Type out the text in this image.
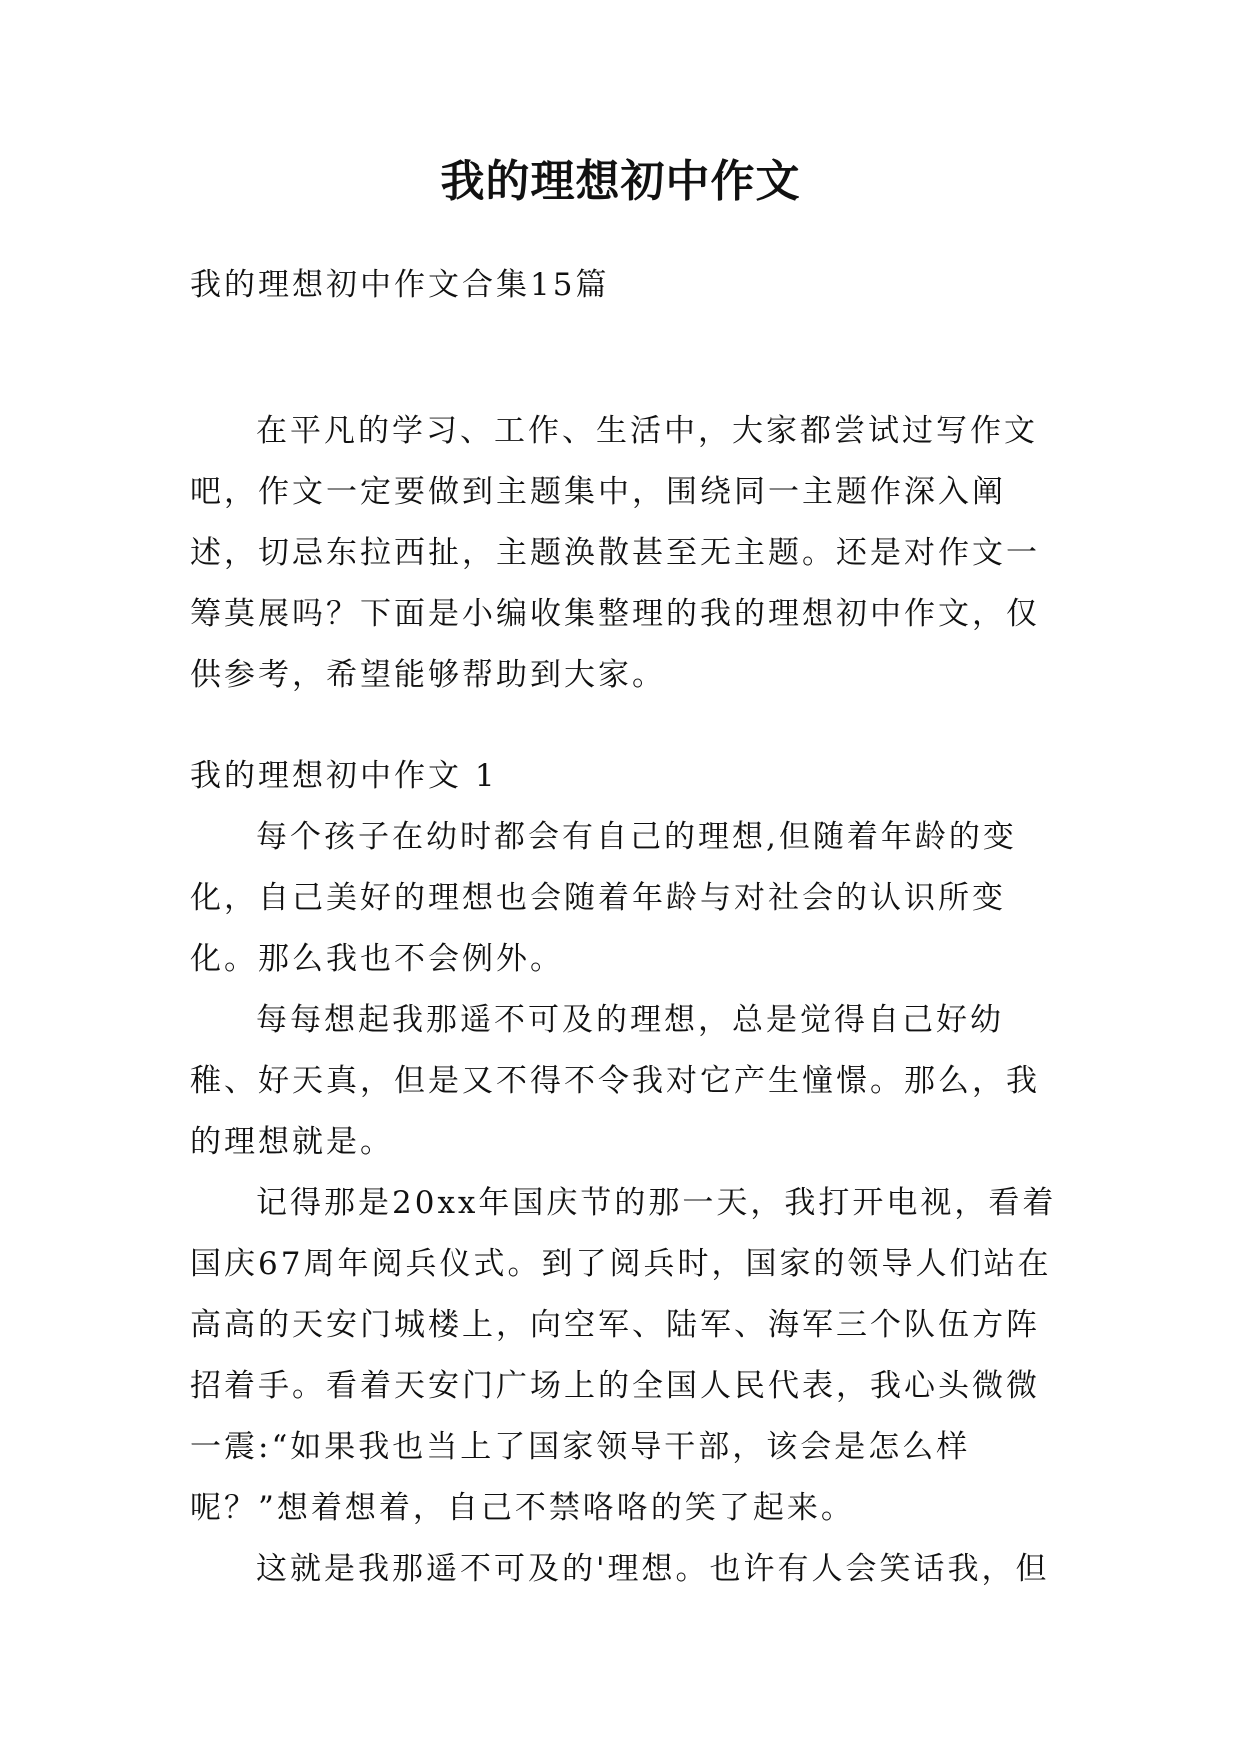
我的理想初中作文
我的理想初中作文合集15篇
在平凡的学习、工作、生活中，大家都尝试过写作文吧，作文一定要做到主题集中，围绕同一主题作深入阐述，切忌东拉西扯，主题涣散甚至无主题。还是对作文一筹莫展吗？下面是小编收集整理的我的理想初中作文，仅供参考，希望能够帮助到大家。
我的理想初中作文 1
每个孩子在幼时都会有自己的理想,但随着年龄的变化，自己美好的理想也会随着年龄与对社会的认识所变化。那么我也不会例外。
每每想起我那遥不可及的理想，总是觉得自己好幼稚、好天真，但是又不得不令我对它产生憧憬。那么，我的理想就是。
记得那是20xx年国庆节的那一天，我打开电视，看着国庆67周年阅兵仪式。到了阅兵时，国家的领导人们站在高高的天安门城楼上，向空军、陆军、海军三个队伍方阵招着手。看着天安门广场上的全国人民代表，我心头微微一震:“如果我也当上了国家领导干部，该会是怎么样呢？”想着想着，自己不禁咯咯的笑了起来。
这就是我那遥不可及的'理想。也许有人会笑话我，但
